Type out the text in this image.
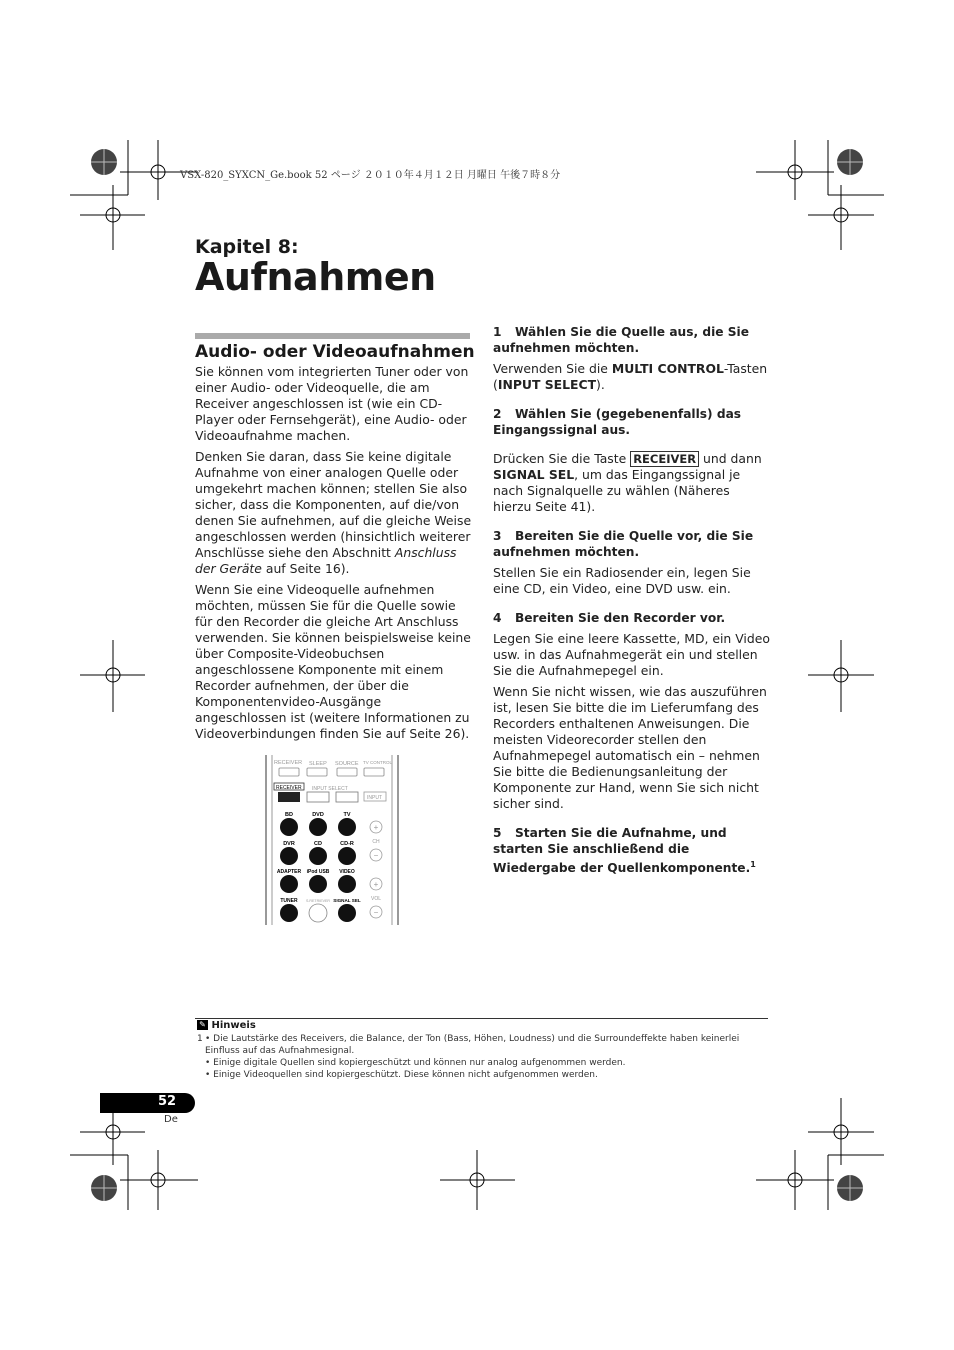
VSX-820_SYXCN_Ge.book 52 ページ ２０１０年４月１２日 月曜日 午後７時８分
Kapitel 8:
Aufnahmen
Audio- oder Videoaufnahmen

Sie können vom integrierten Tuner oder von einer Audio- oder Videoquelle, die am Receiver angeschlossen ist (wie ein CD-Player oder Fernsehgerät), eine Audio- oder Videoaufnahme machen.

Denken Sie daran, dass Sie keine digitale Aufnahme von einer analogen Quelle oder umgekehrt machen können; stellen Sie also sicher, dass die Komponenten, auf die/von denen Sie aufnehmen, auf die gleiche Weise angeschlossen werden (hinsichtlich weiterer Anschlüsse siehe den Abschnitt Anschluss der Geräte auf Seite 16).

Wenn Sie eine Videoquelle aufnehmen möchten, müssen Sie für die Quelle sowie für den Recorder die gleiche Art Anschluss verwenden. Sie können beispielsweise keine über Composite-Videobuchsen angeschlossene Komponente mit einem Recorder aufnehmen, der über die Komponentenvideo-Ausgänge angeschlossen ist (weitere Informationen zu Videoverbindungen finden Sie auf Seite 26).

RECEIVER SLEEP SOURCE TV CONTROL
RECEIVER INPUT SELECT
INPUT
BD	DVD	TV
DVR	CD	CD-R
ADAPTER iPod USB VIDEO
TUNER S.RETRIEVER SIGNAL SEL
+
CH
−
+
VOL
−

1 Wählen Sie die Quelle aus, die Sie aufnehmen möchten.

Verwenden Sie die MULTI CONTROL-Tasten (INPUT SELECT).

2 Wählen Sie (gegebenenfalls) das Eingangssignal aus.

Drücken Sie die Taste RECEIVER und dann SIGNAL SEL, um das Eingangssignal je nach Signalquelle zu wählen (Näheres hierzu Seite 41).

3 Bereiten Sie die Quelle vor, die Sie aufnehmen möchten.

Stellen Sie ein Radiosender ein, legen Sie eine CD, ein Video, eine DVD usw. ein.

4 Bereiten Sie den Recorder vor.

Legen Sie eine leere Kassette, MD, ein Video usw. in das Aufnahmegerät ein und stellen Sie die Aufnahmepegel ein.

Wenn Sie nicht wissen, wie das auszuführen ist, lesen Sie bitte die im Lieferumfang des Recorders enthaltenen Anweisungen. Die meisten Videorecorder stellen den Aufnahmepegel automatisch ein – nehmen Sie bitte die Bedienungsanleitung der Komponente zur Hand, wenn Sie sich nicht sicher sind.

5 Starten Sie die Aufnahme, und starten Sie anschließend die Wiedergabe der Quellenkomponente.$^1$

✎ Hinweis
1 • Die Lautstärke des Receivers, die Balance, der Ton (Bass, Höhen, Loudness) und die Surroundeffekte haben keinerlei Einfluss auf das Aufnahmesignal.
• Einige digitale Quellen sind kopiergeschützt und können nur analog aufgenommen werden.
• Einige Videoquellen sind kopiergeschützt. Diese können nicht aufgenommen werden.
52
De
